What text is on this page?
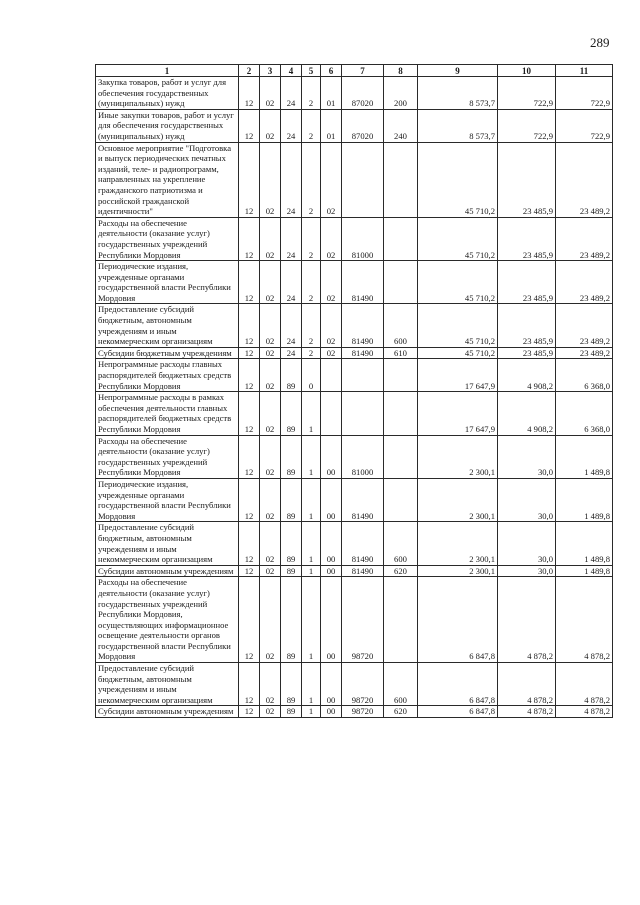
289
1	2	3	4	5	6	7	8	9	10	11
Закупка товаров, работ и услуг для обеспечения государственных (муниципальных) нужд	12	02	24	2	01	87020	200	8 573,7	722,9	722,9
Иные закупки товаров, работ и услуг для обеспечения государственных (муниципальных) нужд	12	02	24	2	01	87020	240	8 573,7	722,9	722,9
Основное мероприятие "Подготовка и выпуск периодических печатных изданий, теле- и радиопрограмм, направленных на укрепление гражданского патриотизма и российской гражданской идентичности"	12	02	24	2	02			45 710,2	23 485,9	23 489,2
Расходы на обеспечение деятельности (оказание услуг) государственных учреждений Республики Мордовия	12	02	24	2	02	81000		45 710,2	23 485,9	23 489,2
Периодические издания, учрежденные органами государственной власти Республики Мордовия	12	02	24	2	02	81490		45 710,2	23 485,9	23 489,2
Предоставление субсидий бюджетным, автономным учреждениям и иным некоммерческим организациям	12	02	24	2	02	81490	600	45 710,2	23 485,9	23 489,2
Субсидии бюджетным учреждениям	12	02	24	2	02	81490	610	45 710,2	23 485,9	23 489,2
Непрограммные расходы главных распорядителей бюджетных средств Республики Мордовия	12	02	89	0				17 647,9	4 908,2	6 368,0
Непрограммные расходы в рамках обеспечения деятельности главных распорядителей бюджетных средств Республики Мордовия	12	02	89	1				17 647,9	4 908,2	6 368,0
Расходы на обеспечение деятельности (оказание услуг) государственных учреждений Республики Мордовия	12	02	89	1	00	81000		2 300,1	30,0	1 489,8
Периодические издания, учрежденные органами государственной власти Республики Мордовия	12	02	89	1	00	81490		2 300,1	30,0	1 489,8
Предоставление субсидий бюджетным, автономным учреждениям и иным некоммерческим организациям	12	02	89	1	00	81490	600	2 300,1	30,0	1 489,8
Субсидии автономным учреждениям	12	02	89	1	00	81490	620	2 300,1	30,0	1 489,8
Расходы на обеспечение деятельности (оказание услуг) государственных учреждений Республики Мордовия, осуществляющих информационное освещение деятельности органов государственной власти Республики Мордовия	12	02	89	1	00	98720		6 847,8	4 878,2	4 878,2
Предоставление субсидий бюджетным, автономным учреждениям и иным некоммерческим организациям	12	02	89	1	00	98720	600	6 847,8	4 878,2	4 878,2
Субсидии автономным учреждениям	12	02	89	1	00	98720	620	6 847,8	4 878,2	4 878,2
